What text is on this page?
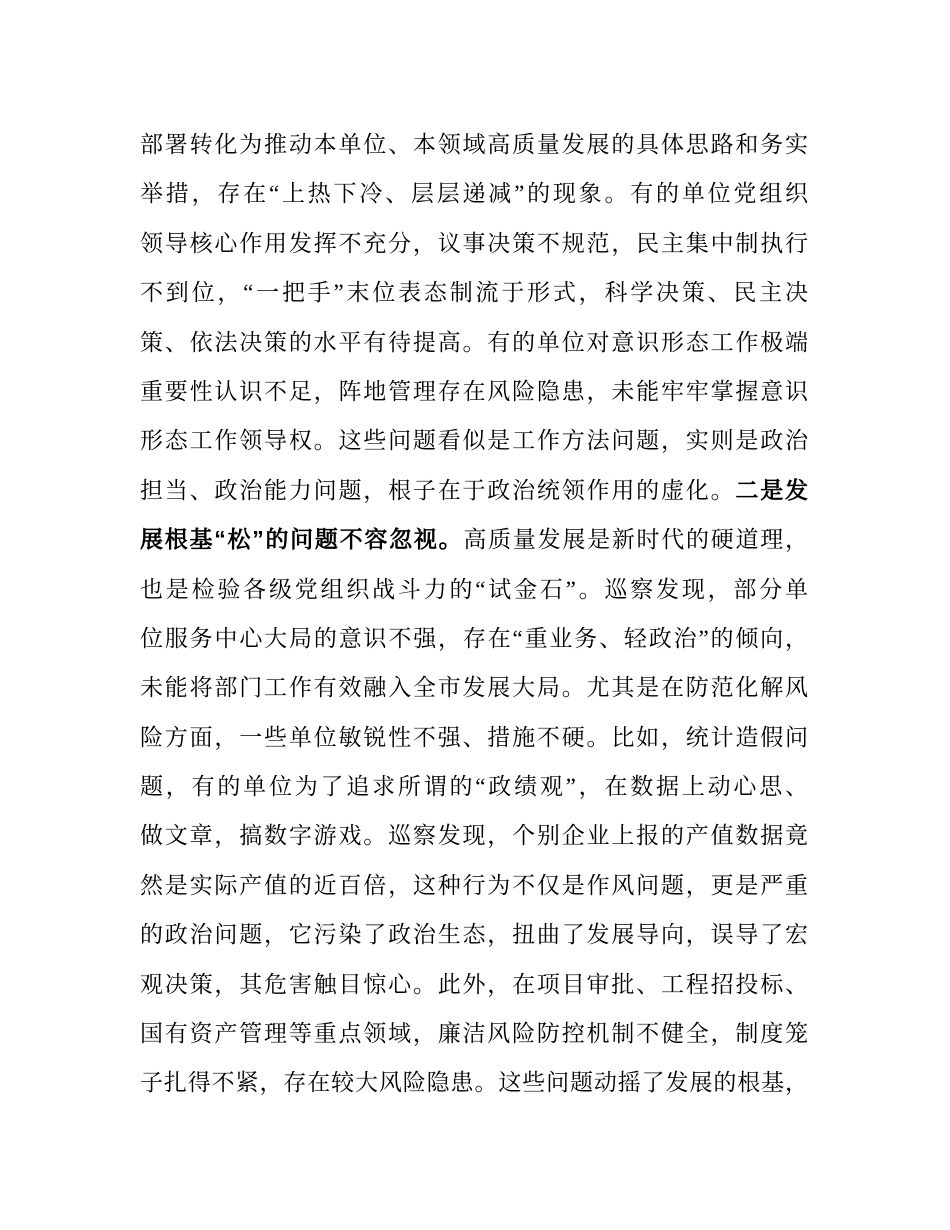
部署转化为推动本单位、本领域高质量发展的具体思路和务实
举措，存在“上热下冷、层层递减”的现象。有的单位党组织
领导核心作用发挥不充分，议事决策不规范，民主集中制执行
不到位，“一把手”末位表态制流于形式，科学决策、民主决
策、依法决策的水平有待提高。有的单位对意识形态工作极端
重要性认识不足，阵地管理存在风险隐患，未能牢牢掌握意识
形态工作领导权。这些问题看似是工作方法问题，实则是政治
担当、政治能力问题，根子在于政治统领作用的虚化。二是发
展根基“松”的问题不容忽视。高质量发展是新时代的硬道理，
也是检验各级党组织战斗力的“试金石”。巡察发现，部分单
位服务中心大局的意识不强，存在“重业务、轻政治”的倾向，
未能将部门工作有效融入全市发展大局。尤其是在防范化解风
险方面，一些单位敏锐性不强、措施不硬。比如，统计造假问
题，有的单位为了追求所谓的“政绩观”，在数据上动心思、
做文章，搞数字游戏。巡察发现，个别企业上报的产值数据竟
然是实际产值的近百倍，这种行为不仅是作风问题，更是严重
的政治问题，它污染了政治生态，扭曲了发展导向，误导了宏
观决策，其危害触目惊心。此外，在项目审批、工程招投标、
国有资产管理等重点领域，廉洁风险防控机制不健全，制度笼
子扎得不紧，存在较大风险隐患。这些问题动摇了发展的根基，
